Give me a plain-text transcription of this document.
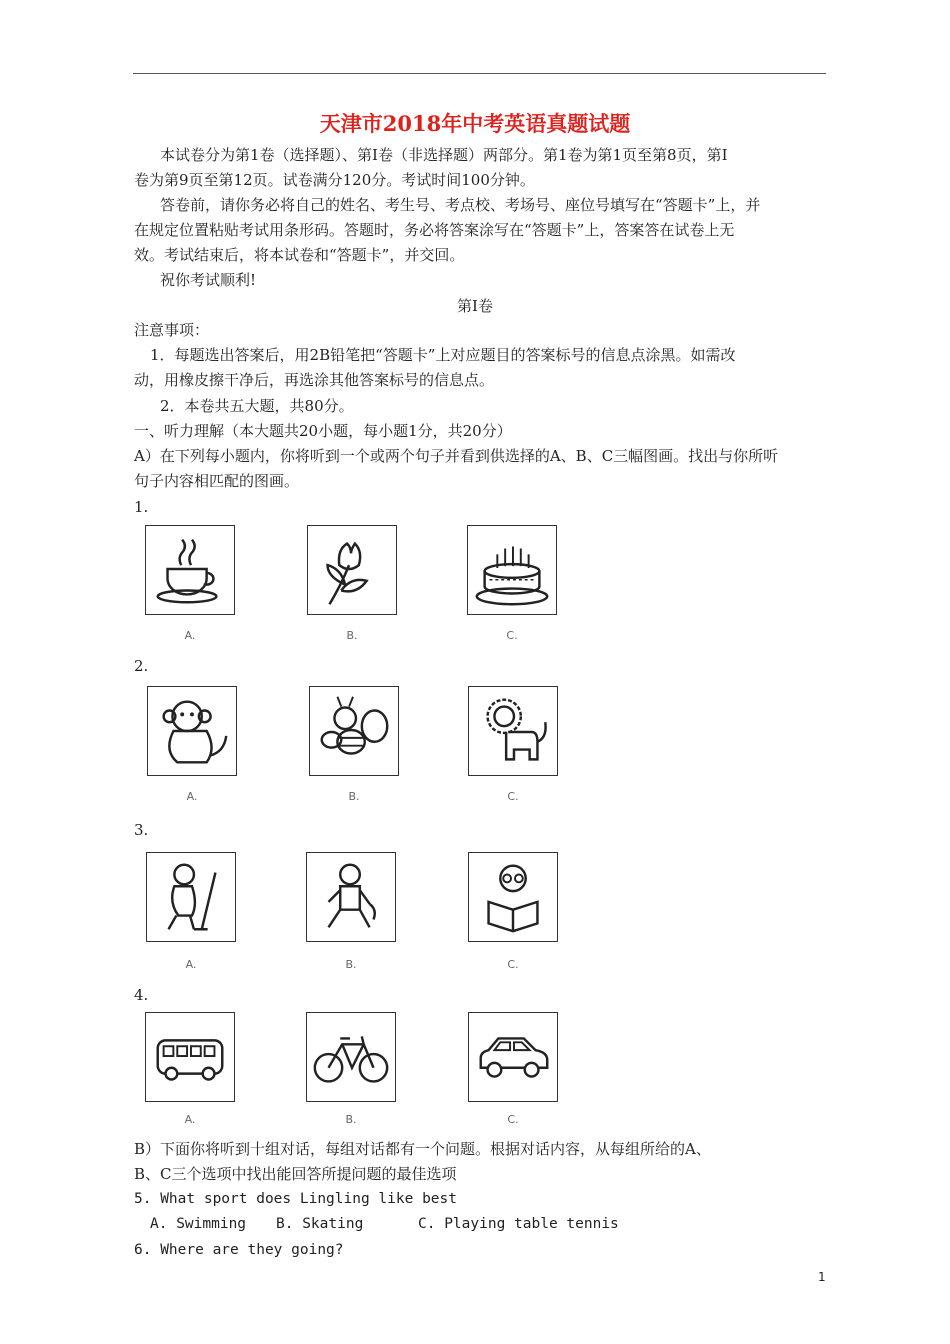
天津市2018年中考英语真题试题
本试卷分为第1卷（选择题）、第I卷（非选择题）两部分。第1卷为第1页至第8页，第I
卷为第9页至第12页。试卷满分120分。考试时间100分钟。
答卷前，请你务必将自己的姓名、考生号、考点校、考场号、座位号填写在“答题卡”上，并
在规定位置粘贴考试用条形码。答题时，务必将答案涂写在“答题卡”上，答案答在试卷上无
效。考试结束后，将本试卷和“答题卡”，并交回。
祝你考试顺利!
第I卷
注意事项：
1．每题选出答案后，用2B铅笔把“答题卡”上对应题目的答案标号的信息点涂黑。如需改
动，用橡皮擦干净后，再选涂其他答案标号的信息点。
2．本卷共五大题，共80分。
一、听力理解（本大题共20小题，每小题1分，共20分）
A）在下列每小题内，你将听到一个或两个句子并看到供选择的A、B、C三幅图画。找出与你所听
句子内容相匹配的图画。
1.
A.	B.	C.
2.
A.	B.	C.
3.
A.	B.	C.
4.
A.	B.	C.
B）下面你将听到十组对话，每组对话都有一个问题。根据对话内容，从每组所给的A、
B、C三个选项中找出能回答所提问题的最佳选项
5. What sport does Lingling like best
A. Swimming B. Skating	C. Playing table tennis
6. Where are they going?
1
